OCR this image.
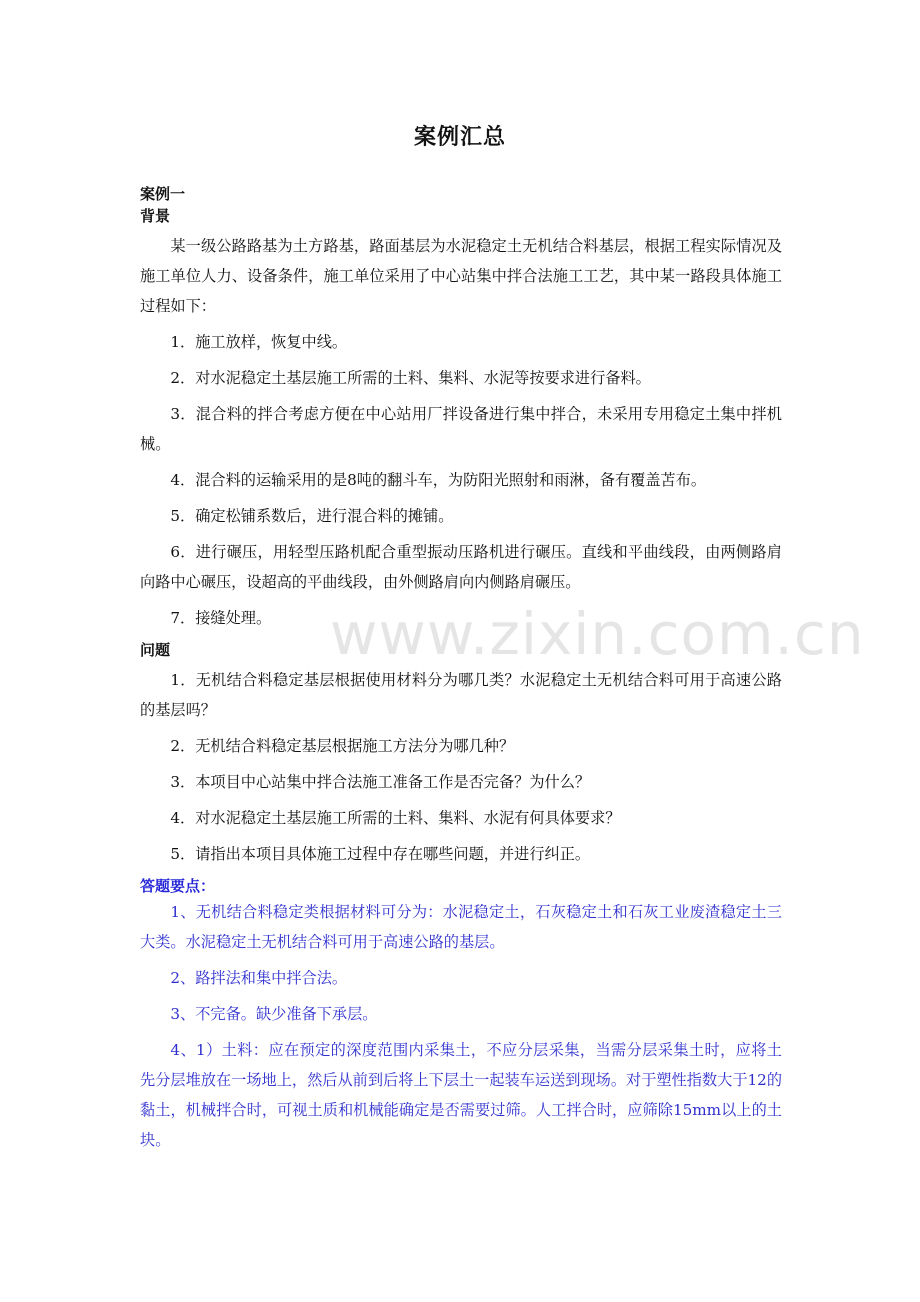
www.zixin.com.cn
案例汇总

案例一

背景

某一级公路路基为土方路基，路面基层为水泥稳定土无机结合料基层，根据工程实际情况及施工单位人力、设备条件，施工单位采用了中心站集中拌合法施工工艺，其中某一路段具体施工过程如下：

1．施工放样，恢复中线。

2．对水泥稳定土基层施工所需的土料、集料、水泥等按要求进行备料。

3．混合料的拌合考虑方便在中心站用厂拌设备进行集中拌合，未采用专用稳定土集中拌机械。

4．混合料的运输采用的是8吨的翻斗车，为防阳光照射和雨淋，备有覆盖苫布。

5．确定松铺系数后，进行混合料的摊铺。

6．进行碾压，用轻型压路机配合重型振动压路机进行碾压。直线和平曲线段，由两侧路肩向路中心碾压，设超高的平曲线段，由外侧路肩向内侧路肩碾压。

7．接缝处理。

问题

1．无机结合料稳定基层根据使用材料分为哪几类？水泥稳定土无机结合料可用于高速公路的基层吗？

2．无机结合料稳定基层根据施工方法分为哪几种？

3．本项目中心站集中拌合法施工准备工作是否完备？为什么？

4．对水泥稳定土基层施工所需的土料、集料、水泥有何具体要求？

5．请指出本项目具体施工过程中存在哪些问题，并进行纠正。

答题要点：

1、无机结合料稳定类根据材料可分为：水泥稳定土，石灰稳定土和石灰工业废渣稳定土三大类。水泥稳定土无机结合料可用于高速公路的基层。

2、路拌法和集中拌合法。

3、不完备。缺少准备下承层。

4、1）土料：应在预定的深度范围内采集土，不应分层采集，当需分层采集土时，应将土先分层堆放在一场地上，然后从前到后将上下层土一起装车运送到现场。对于塑性指数大于12的黏土，机械拌合时，可视土质和机械能确定是否需要过筛。人工拌合时，应筛除15mm以上的土块。
